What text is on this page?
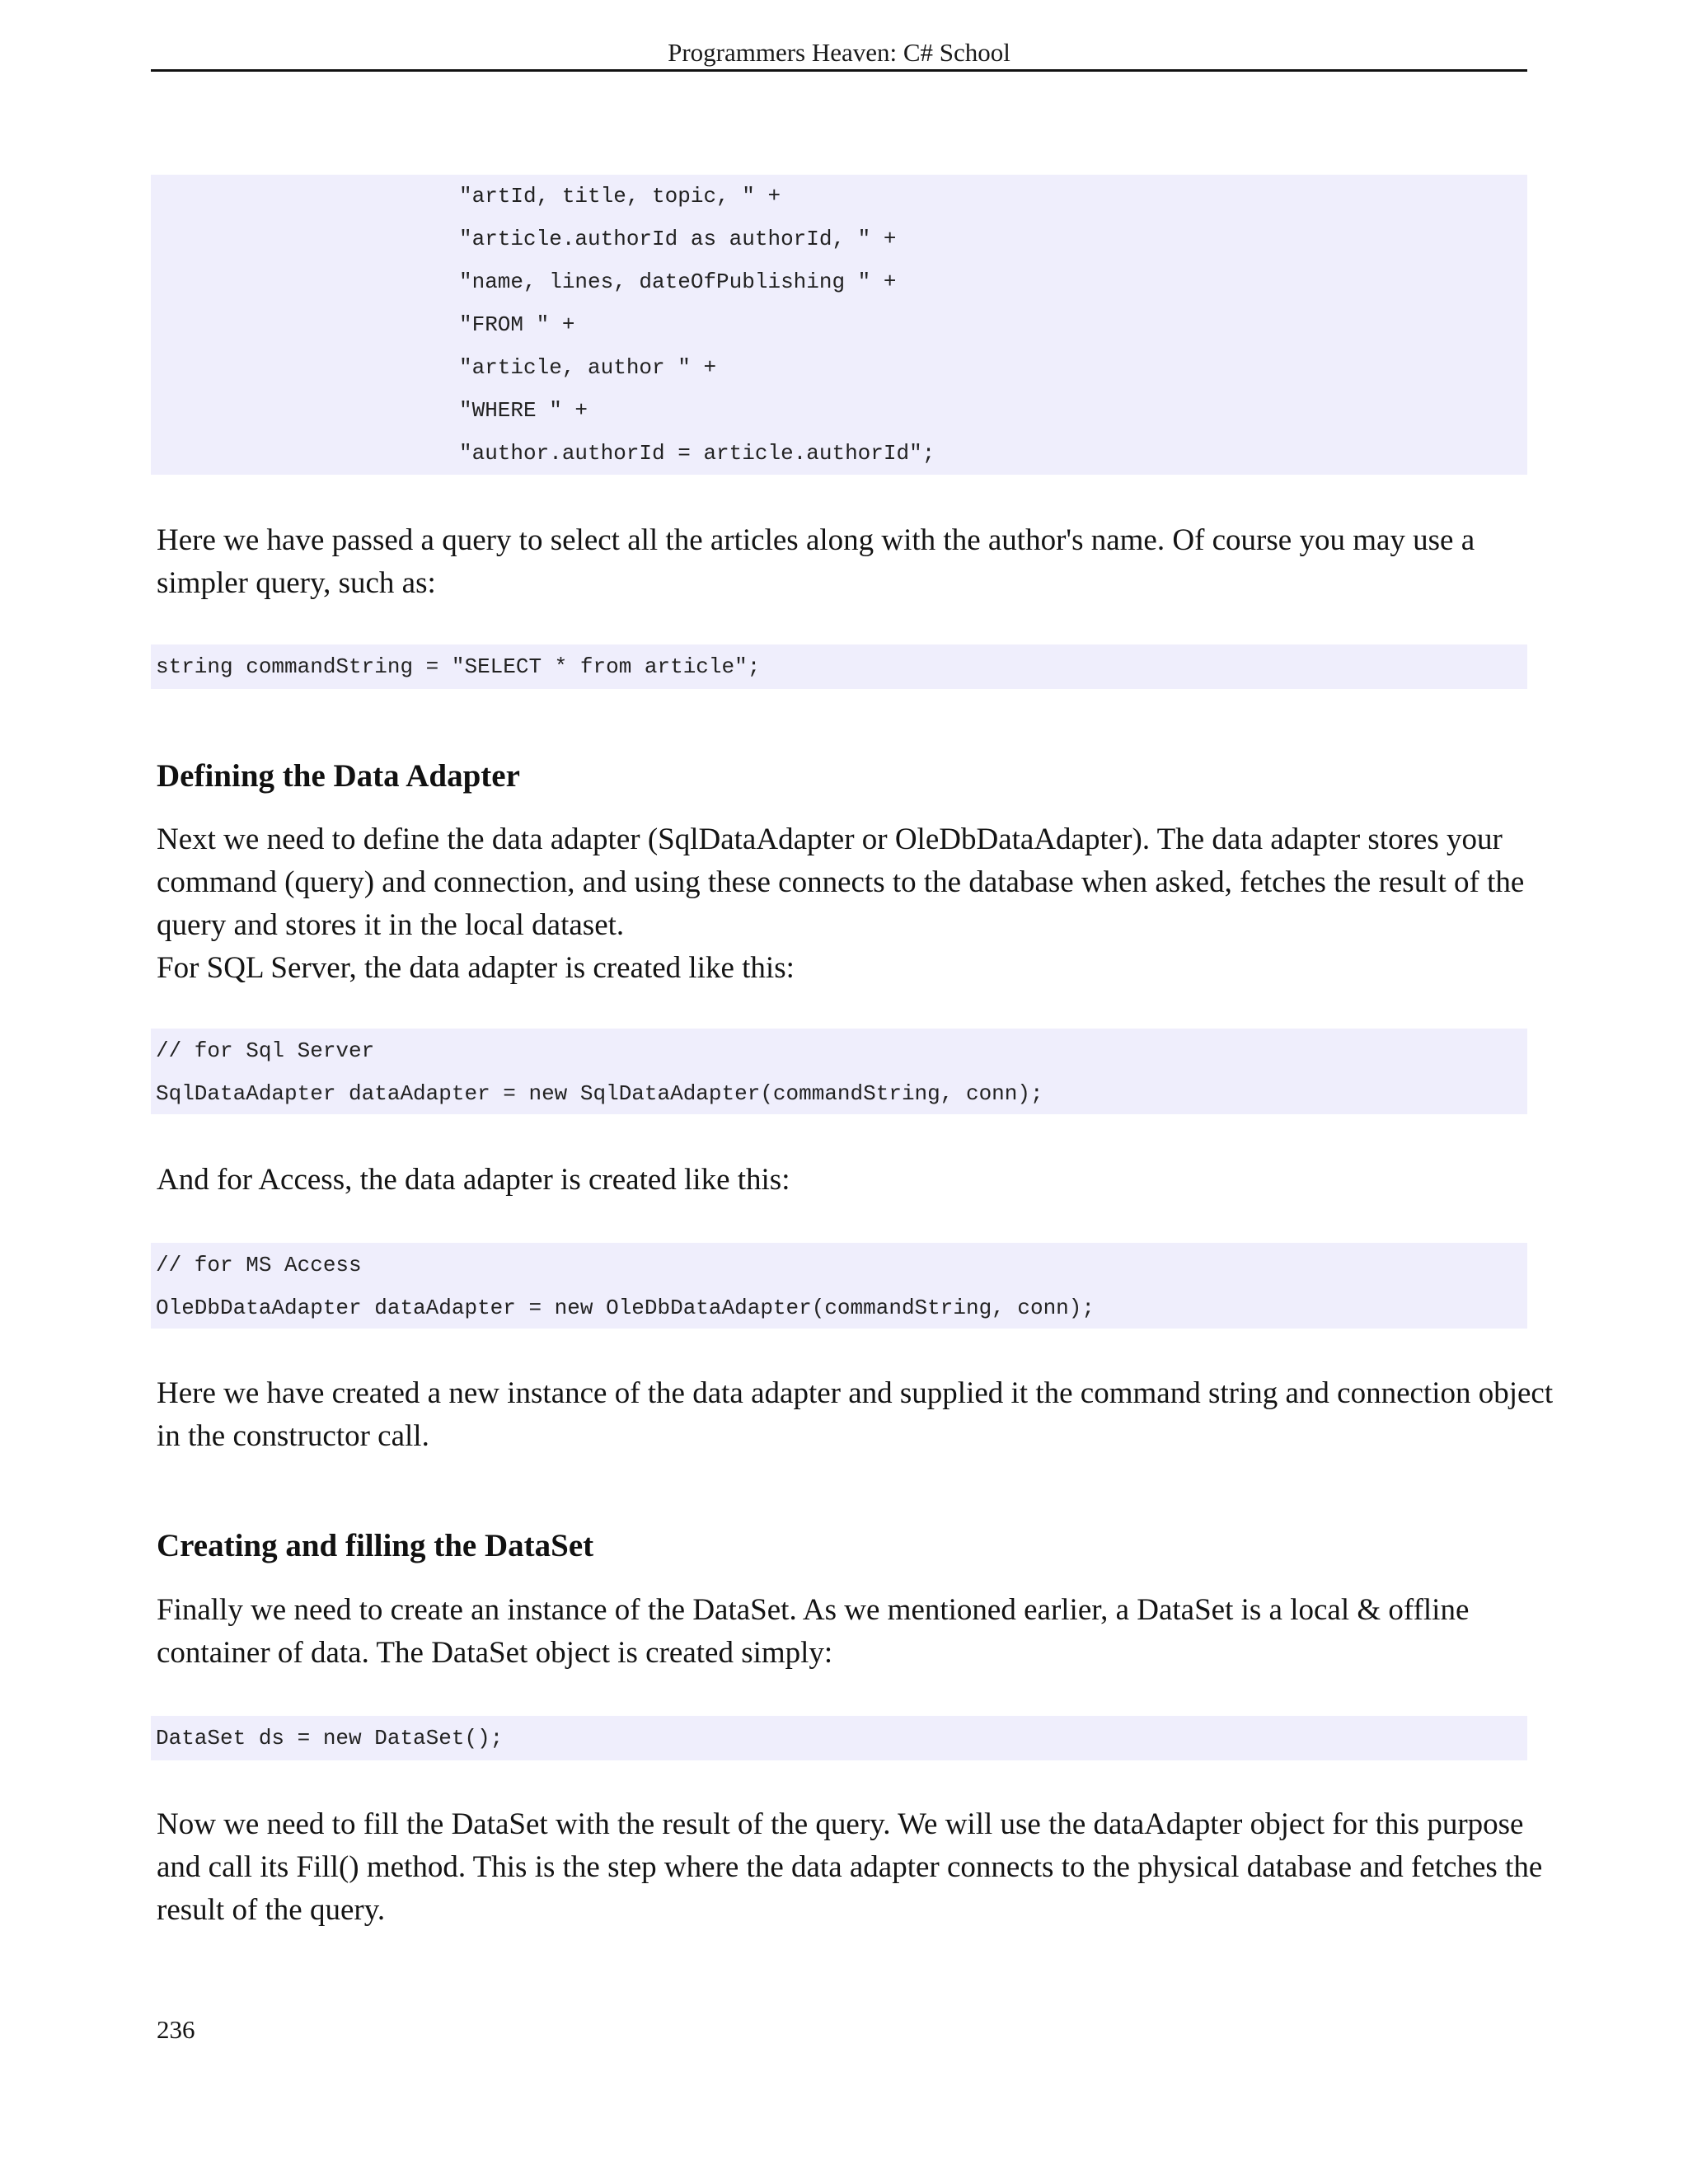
Programmers Heaven: C# School
"artId, title, topic, " +
"article.authorId as authorId, " +
"name, lines, dateOfPublishing " +
"FROM " +
"article, author " +
"WHERE " +
"author.authorId = article.authorId";
Here we have passed a query to select all the articles along with the author's name. Of course you may use a
simpler query, such as:
string commandString = "SELECT * from article";
Defining the Data Adapter
Next we need to define the data adapter (SqlDataAdapter or OleDbDataAdapter). The data adapter stores your
command (query) and connection, and using these connects to the database when asked, fetches the result of the
query and stores it in the local dataset.
For SQL Server, the data adapter is created like this:
// for Sql Server
SqlDataAdapter dataAdapter = new SqlDataAdapter(commandString, conn);
And for Access, the data adapter is created like this:
// for MS Access
OleDbDataAdapter dataAdapter = new OleDbDataAdapter(commandString, conn);
Here we have created a new instance of the data adapter and supplied it the command string and connection object
in the constructor call.
Creating and filling the DataSet
Finally we need to create an instance of the DataSet. As we mentioned earlier, a DataSet is a local & offline
container of data. The DataSet object is created simply:
DataSet ds = new DataSet();
Now we need to fill the DataSet with the result of the query. We will use the dataAdapter object for this purpose
and call its Fill() method. This is the step where the data adapter connects to the physical database and fetches the
result of the query.
236
